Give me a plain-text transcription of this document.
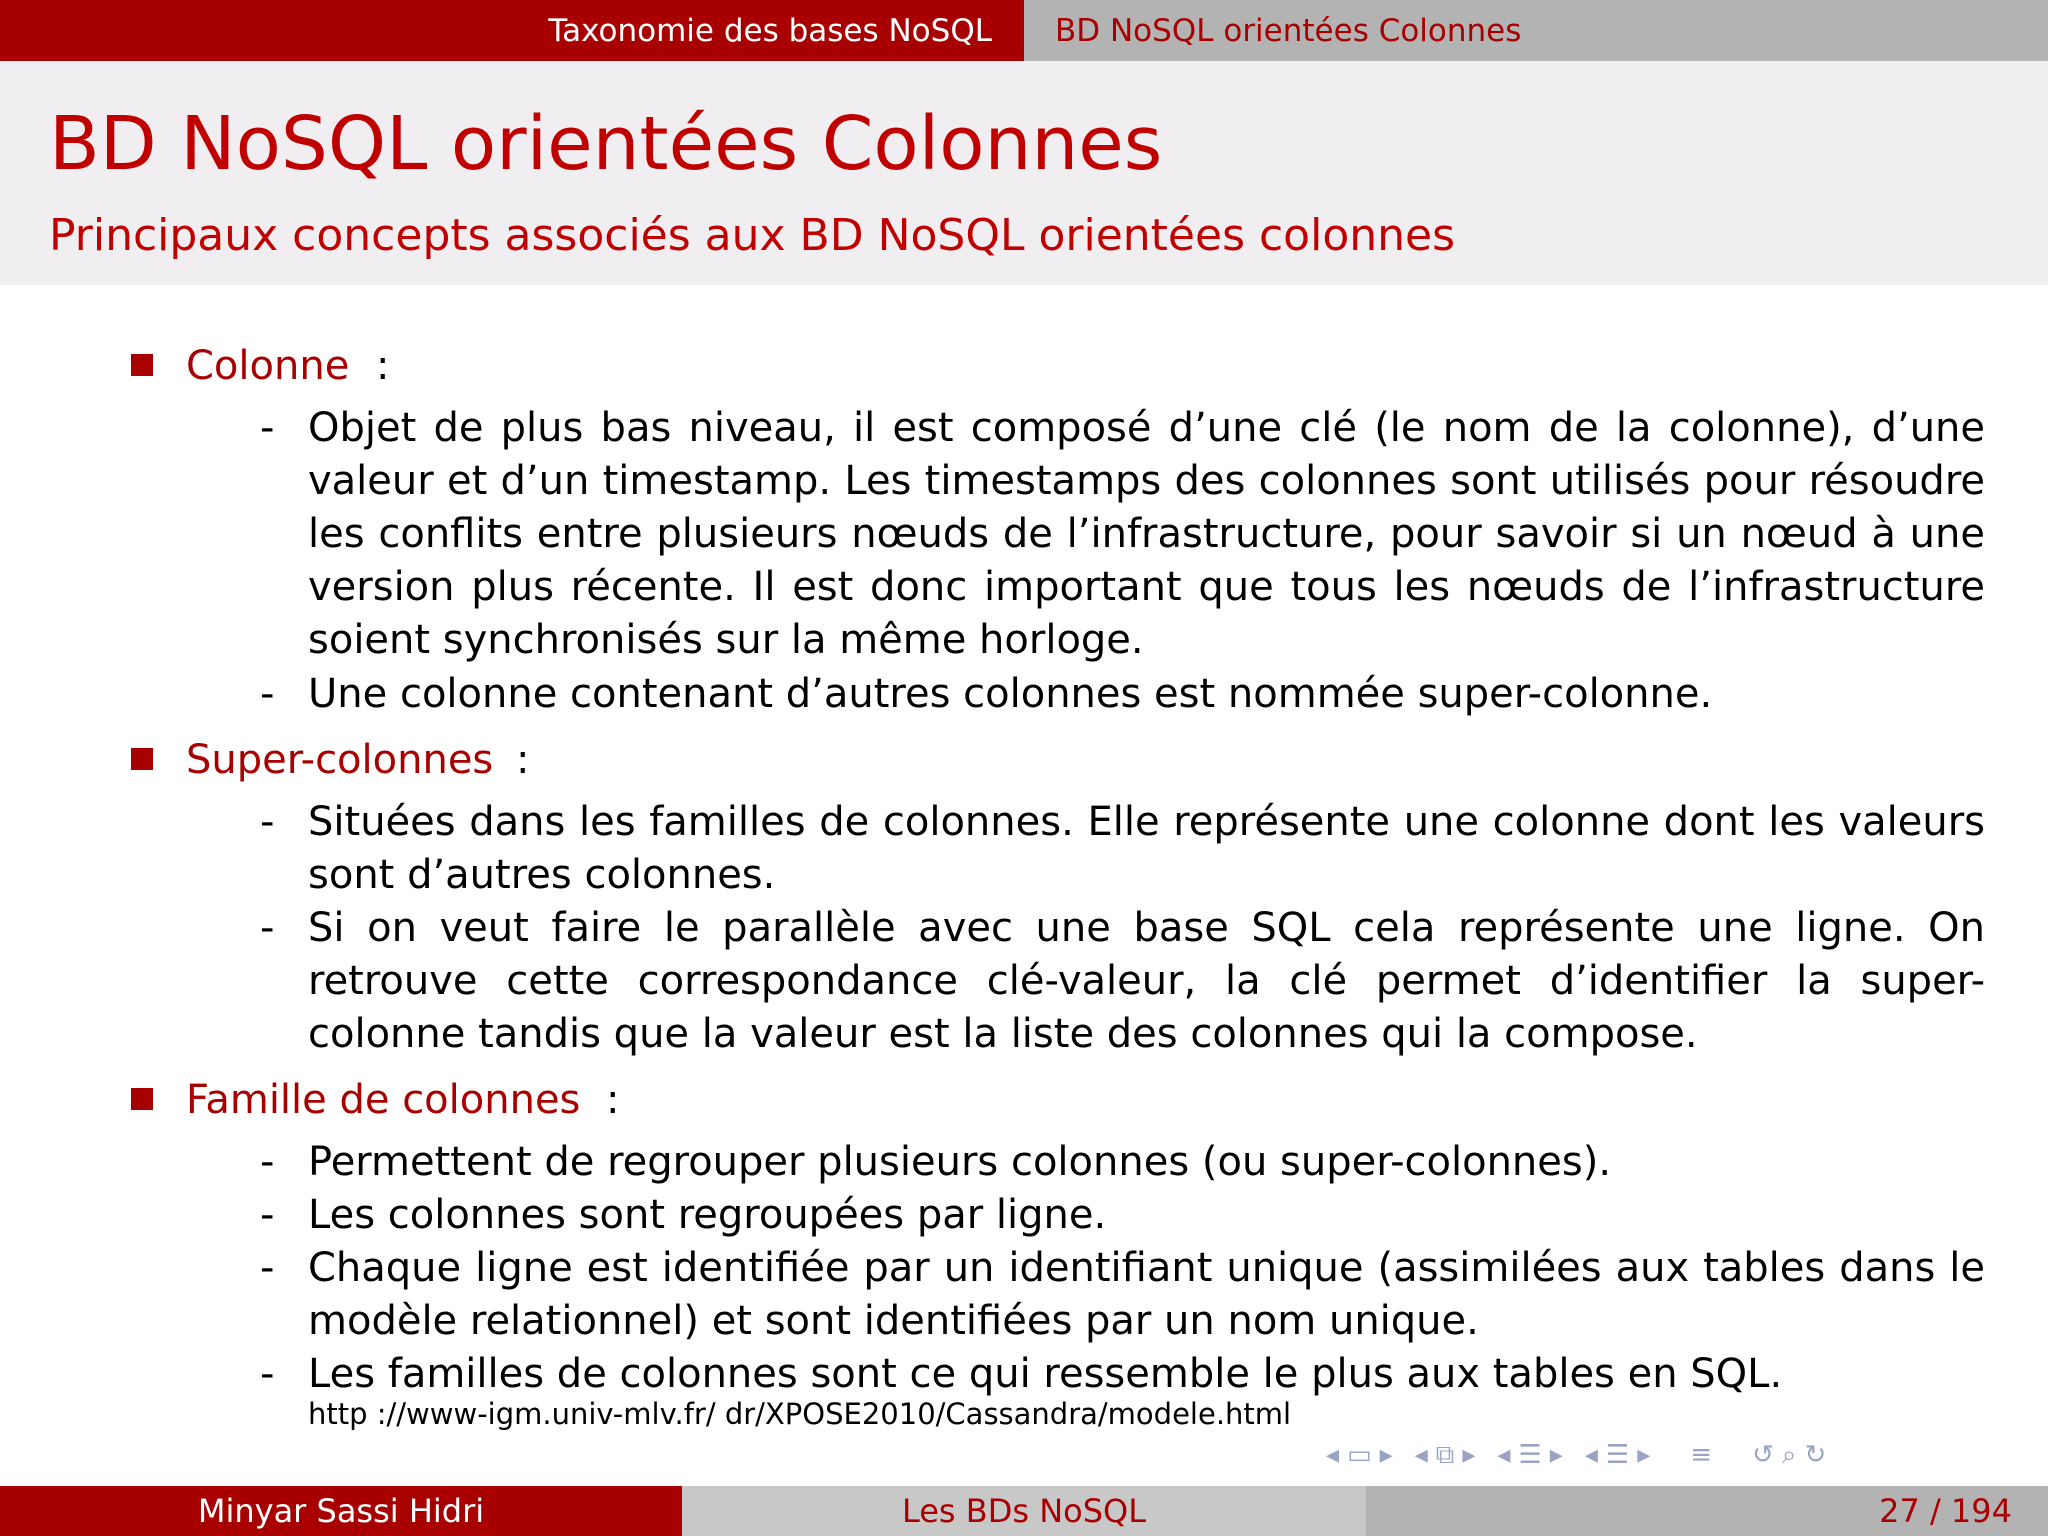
Taxonomie des bases NoSQL	BD NoSQL orientées Colonnes
BD NoSQL orientées Colonnes
Principaux concepts associés aux BD NoSQL orientées colonnes
Colonne :
- Objet de plus bas niveau, il est composé d’une clé (le nom de la colonne), d’une valeur et d’un timestamp. Les timestamps des colonnes sont utilisés pour résoudre les conflits entre plusieurs nœuds de l’infrastructure, pour savoir si un nœud à une version plus récente. Il est donc important que tous les nœuds de l’infrastructure soient synchronisés sur la même horloge.
- Une colonne contenant d’autres colonnes est nommée super-colonne.
Super-colonnes :
- Situées dans les familles de colonnes. Elle représente une colonne dont les valeurs sont d’autres colonnes.
- Si on veut faire le parallèle avec une base SQL cela représente une ligne. On retrouve cette correspondance clé-valeur, la clé permet d’identifier la super-colonne tandis que la valeur est la liste des colonnes qui la compose.
Famille de colonnes :
- Permettent de regrouper plusieurs colonnes (ou super-colonnes).
- Les colonnes sont regroupées par ligne.
- Chaque ligne est identifiée par un identifiant unique (assimilées aux tables dans le modèle relationnel) et sont identifiées par un nom unique.
- Les familles de colonnes sont ce qui ressemble le plus aux tables en SQL.
http ://www-igm.univ-mlv.fr/ dr/XPOSE2010/Cassandra/modele.html
◂ ▭ ▸ ◂ ⧉ ▸ ◂ ☰ ▸ ◂ ☰ ▸ ≡ ↺ ⌕ ↻
Minyar Sassi Hidri	Les BDs NoSQL	27 / 194
